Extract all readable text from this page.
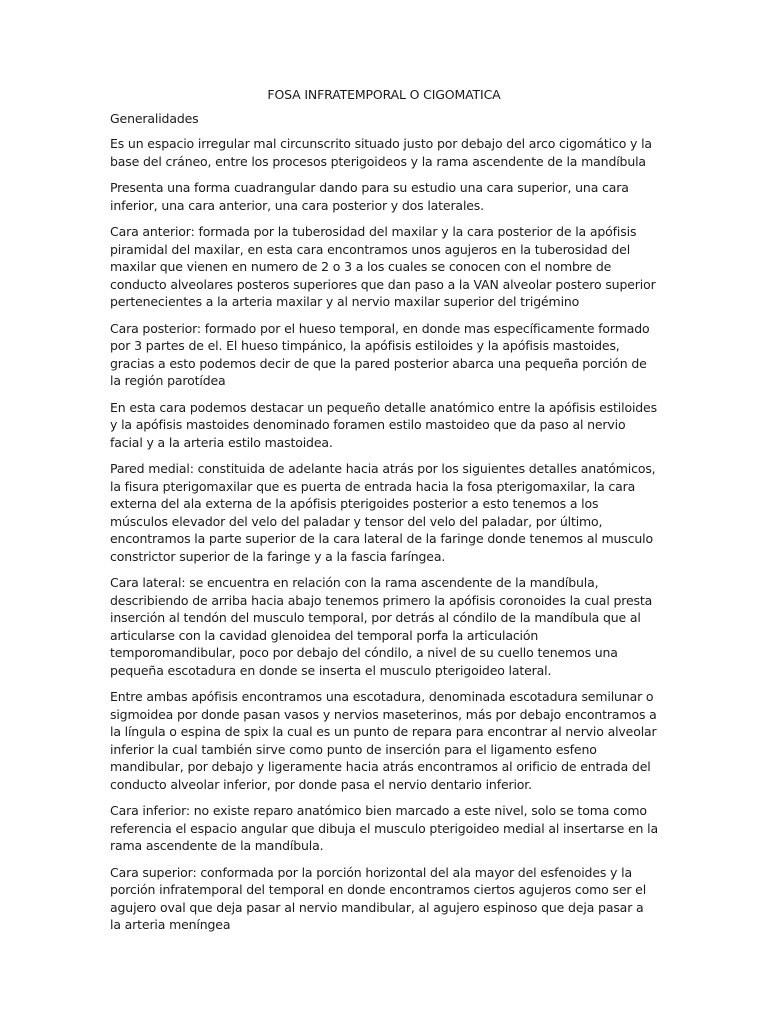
FOSA INFRATEMPORAL O CIGOMATICA

Generalidades

Es un espacio irregular mal circunscrito situado justo por debajo del arco cigomático y la base del cráneo, entre los procesos pterigoideos y la rama ascendente de la mandíbula

Presenta una forma cuadrangular dando para su estudio una cara superior, una cara inferior, una cara anterior, una cara posterior y dos laterales.

Cara anterior: formada por la tuberosidad del maxilar y la cara posterior de la apófisis piramidal del maxilar, en esta cara encontramos unos agujeros en la tuberosidad del maxilar que vienen en numero de 2 o 3 a los cuales se conocen con el nombre de conducto alveolares posteros superiores que dan paso a la VAN alveolar postero superior pertenecientes a la arteria maxilar y al nervio maxilar superior del trigémino

Cara posterior: formado por el hueso temporal, en donde mas específicamente formado por 3 partes de el. El hueso timpánico, la apófisis estiloides y la apófisis mastoides, gracias a esto podemos decir de que la pared posterior abarca una pequeña porción de la región parotídea

En esta cara podemos destacar un pequeño detalle anatómico entre la apófisis estiloides y la apófisis mastoides denominado foramen estilo mastoideo que da paso al nervio facial y a la arteria estilo mastoidea.

Pared medial: constituida de adelante hacia atrás por los siguientes detalles anatómicos, la fisura pterigomaxilar que es puerta de entrada hacia la fosa pterigomaxilar, la cara externa del ala externa de la apófisis pterigoides posterior a esto tenemos a los músculos elevador del velo del paladar y tensor del velo del paladar, por último, encontramos la parte superior de la cara lateral de la faringe donde tenemos al musculo constrictor superior de la faringe y a la fascia faríngea.

Cara lateral: se encuentra en relación con la rama ascendente de la mandíbula, describiendo de arriba hacia abajo tenemos primero la apófisis coronoides la cual presta inserción al tendón del musculo temporal, por detrás al cóndilo de la mandíbula que al articularse con la cavidad glenoidea del temporal porfa la articulación temporomandibular, poco por debajo del cóndilo, a nivel de su cuello tenemos una pequeña escotadura en donde se inserta el musculo pterigoideo lateral.

Entre ambas apófisis encontramos una escotadura, denominada escotadura semilunar o sigmoidea por donde pasan vasos y nervios maseterinos, más por debajo encontramos a la língula o espina de spix la cual es un punto de repara para encontrar al nervio alveolar inferior la cual también sirve como punto de inserción para el ligamento esfeno mandibular, por debajo y ligeramente hacia atrás encontramos al orificio de entrada del conducto alveolar inferior, por donde pasa el nervio dentario inferior.

Cara inferior: no existe reparo anatómico bien marcado a este nivel, solo se toma como referencia el espacio angular que dibuja el musculo pterigoideo medial al insertarse en la rama ascendente de la mandíbula.

Cara superior: conformada por la porción horizontal del ala mayor del esfenoides y la porción infratemporal del temporal en donde encontramos ciertos agujeros como ser el agujero oval que deja pasar al nervio mandibular, al agujero espinoso que deja pasar a la arteria meníngea
